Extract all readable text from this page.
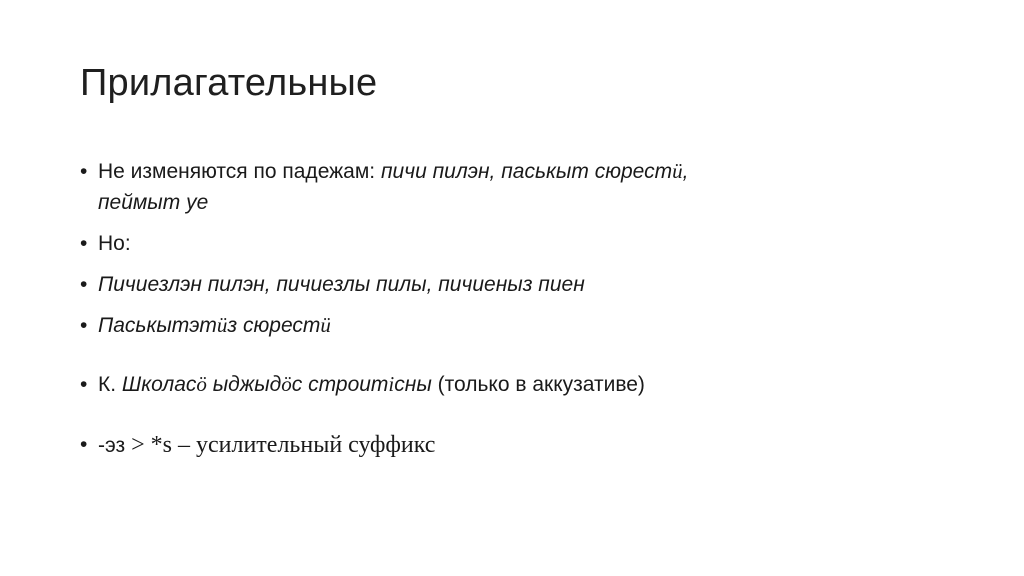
Прилагательные
• Не изменяются по падежам: пичи пилэн, паськыт сюрестӥ,
пеймыт уе
• Но:
• Пичиезлэн пилэн, пичиезлы пилы, пичиеныз пиен
• Паськытэтӥз сюрестӥ
• К. Школасӧ ыджыдӧс строитісны (только в аккузативе)
• -эз > *s – усилительный суффикс
